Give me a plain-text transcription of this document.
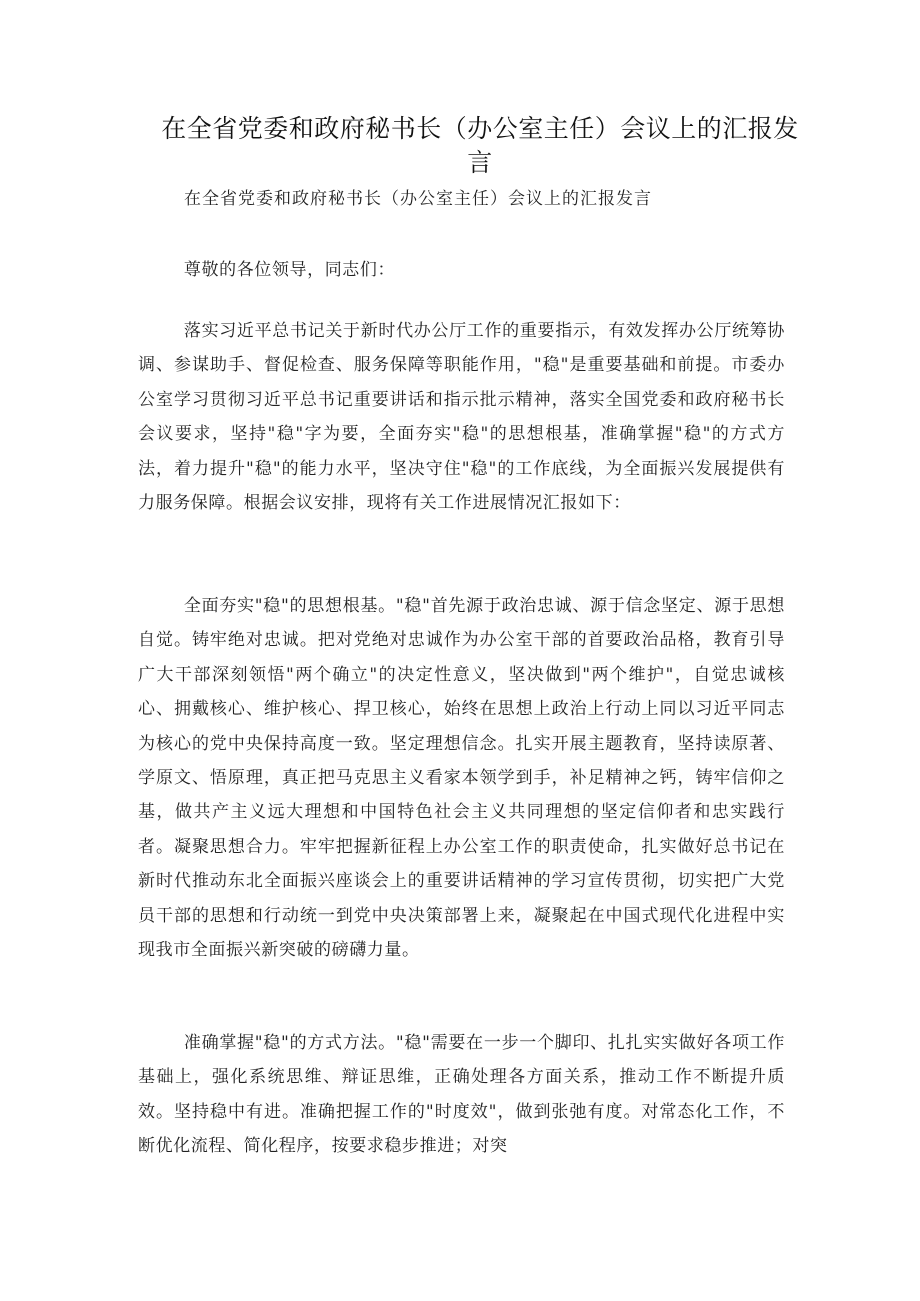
在全省党委和政府秘书长（办公室主任）会议上的汇报发言

在全省党委和政府秘书长（办公室主任）会议上的汇报发言

尊敬的各位领导，同志们：

落实习近平总书记关于新时代办公厅工作的重要指示，有效发挥办公厅统筹协调、参谋助手、督促检查、服务保障等职能作用，"稳"是重要基础和前提。市委办公室学习贯彻习近平总书记重要讲话和指示批示精神，落实全国党委和政府秘书长会议要求，坚持"稳"字为要，全面夯实"稳"的思想根基，准确掌握"稳"的方式方法，着力提升"稳"的能力水平，坚决守住"稳"的工作底线，为全面振兴发展提供有力服务保障。根据会议安排，现将有关工作进展情况汇报如下：

全面夯实"稳"的思想根基。"稳"首先源于政治忠诚、源于信念坚定、源于思想自觉。铸牢绝对忠诚。把对党绝对忠诚作为办公室干部的首要政治品格，教育引导广大干部深刻领悟"两个确立"的决定性意义，坚决做到"两个维护"，自觉忠诚核心、拥戴核心、维护核心、捍卫核心，始终在思想上政治上行动上同以习近平同志为核心的党中央保持高度一致。坚定理想信念。扎实开展主题教育，坚持读原著、学原文、悟原理，真正把马克思主义看家本领学到手，补足精神之钙，铸牢信仰之基，做共产主义远大理想和中国特色社会主义共同理想的坚定信仰者和忠实践行者。凝聚思想合力。牢牢把握新征程上办公室工作的职责使命，扎实做好总书记在新时代推动东北全面振兴座谈会上的重要讲话精神的学习宣传贯彻，切实把广大党员干部的思想和行动统一到党中央决策部署上来，凝聚起在中国式现代化进程中实现我市全面振兴新突破的磅礴力量。

准确掌握"稳"的方式方法。"稳"需要在一步一个脚印、扎扎实实做好各项工作基础上，强化系统思维、辩证思维，正确处理各方面关系，推动工作不断提升质效。坚持稳中有进。准确把握工作的"时度效"，做到张弛有度。对常态化工作，不断优化流程、简化程序，按要求稳步推进；对突
